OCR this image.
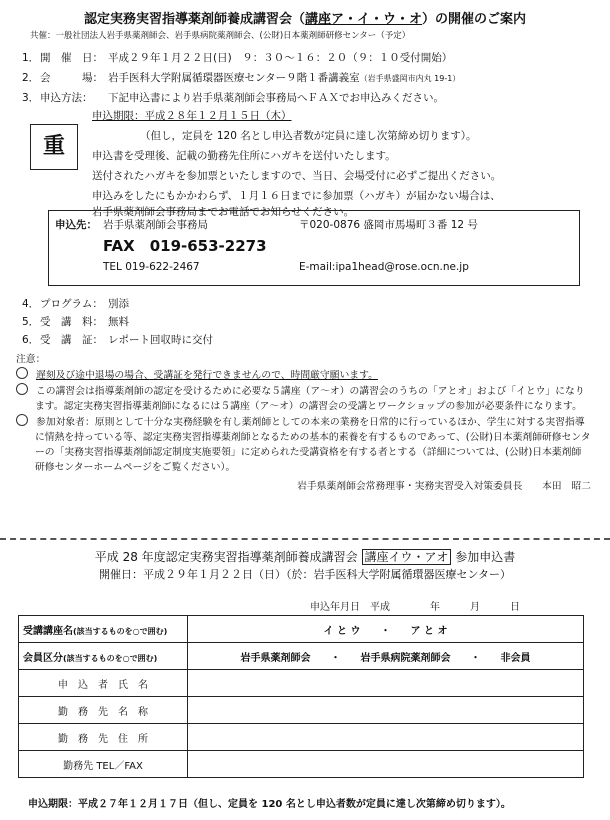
認定実務実習指導薬剤師養成講習会（講座ア・イ・ウ・オ）の開催のご案内
共催：一般社団法人岩手県薬剤師会、岩手県病院薬剤師会、(公財)日本薬剤師研修センター（予定）
1．開　催　日： 平成２９年１月２２日(日)　９：３０～１６：２０（９：１０受付開始）
2．会　　　場： 岩手医科大学附属循環器医療センター９階１番講義室（岩手県盛岡市内丸 19-1）
3．申込方法： 下記申込書により岩手県薬剤師会事務局へＦＡＸでお申込みください。
重
申込期限：平成２８年１２月１５日（木）
（但し，定員を 120 名とし申込者数が定員に達し次第締め切ります）。
申込書を受理後、記載の勤務先住所にハガキを送付いたします。
送付されたハガキを参加票といたしますので、当日、会場受付に必ずご提出ください。
申込みをしたにもかかわらず、１月１６日までに参加票（ハガキ）が届かない場合は、
岩手県薬剤師会事務局までお電話でお知らせください。
申込先： 岩手県薬剤師会事務局	〒020-0876 盛岡市馬場町３番 12 号
FAX　019-653-2273
TEL 019-622-2467	E-mail:ipa1head@rose.ocn.ne.jp
4．プログラム： 別添
5．受　講　料： 無料
6．受　講　証： レポート回収時に交付
注意：
遅刻及び途中退場の場合、受講証を発行できませんので、時間厳守願います。
この講習会は指導薬剤師の認定を受けるために必要な５講座（ア～オ）の講習会のうちの「アとオ」および「イとウ」になります。認定実務実習指導薬剤師になるには５講座（ア～オ）の講習会の受講とワークショップの参加が必要条件になります。
参加対象者：原則として十分な実務経験を有し薬剤師としての本来の業務を日常的に行っているほか、学生に対する実習指導に情熱を持っている等、認定実務実習指導薬剤師となるための基本的素養を有するものであって、(公財)日本薬剤師研修センターの「実務実習指導薬剤師認定制度実施要領」に定められた受講資格を有する者とする（詳細については、(公財)日本薬剤師研修センターホームページをご覧ください）。
岩手県薬剤師会常務理事・実務実習受入対策委員長　　本田　昭二
平成 28 年度認定実務実習指導薬剤師養成講習会 講座イウ・アオ 参加申込書
開催日：平成２９年１月２２日（日）（於：岩手医科大学附属循環器医療センター）
申込年月日　平成　　　　年　　　月　　　日
受講講座名(該当するものを○で囲む)	イ と ウ　　・　　ア と オ
会員区分(該当するものを○で囲む)	岩手県薬剤師会　　・　　岩手県病院薬剤師会　　・　　非会員
申　込　者　氏　名	
勤　務　先　名　称	
勤　務　先　住　所	
勤務先 TEL／FAX	
申込期限：平成２７年１２月１７日（但し、定員を 120 名とし申込者数が定員に達し次第締め切ります）。
